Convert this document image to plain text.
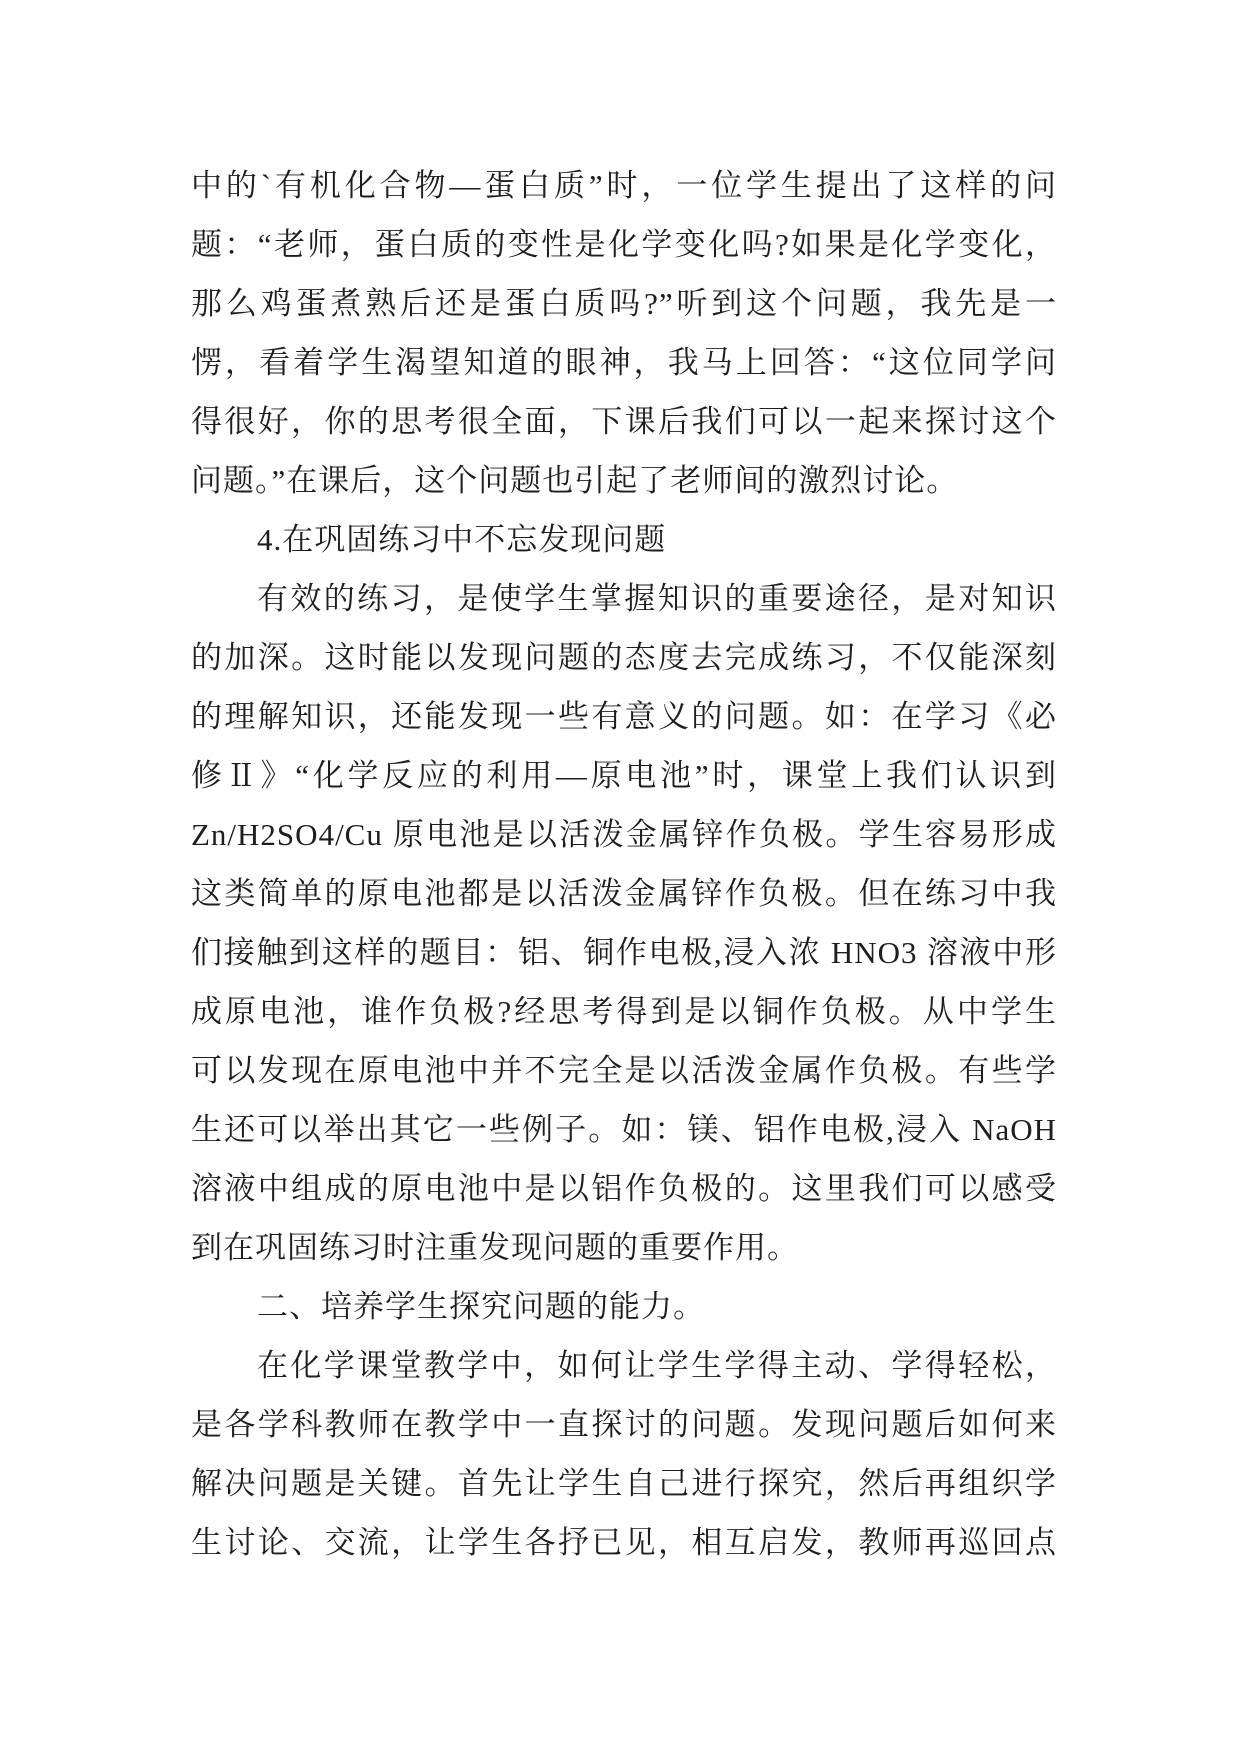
中的`有机化合物—蛋白质”时，一位学生提出了这样的问
题：“老师，蛋白质的变性是化学变化吗?如果是化学变化，
那么鸡蛋煮熟后还是蛋白质吗?”听到这个问题，我先是一
愣，看着学生渴望知道的眼神，我马上回答：“这位同学问
得很好，你的思考很全面，下课后我们可以一起来探讨这个
问题。”在课后，这个问题也引起了老师间的激烈讨论。
4.在巩固练习中不忘发现问题
有效的练习，是使学生掌握知识的重要途径，是对知识
的加深。这时能以发现问题的态度去完成练习，不仅能深刻
的理解知识，还能发现一些有意义的问题。如：在学习《必
修Ⅱ》“化学反应的利用—原电池”时，课堂上我们认识到
Zn/H2SO4/Cu 原电池是以活泼金属锌作负极。学生容易形成
这类简单的原电池都是以活泼金属锌作负极。但在练习中我
们接触到这样的题目：铝、铜作电极,浸入浓 HNO3 溶液中形
成原电池，谁作负极?经思考得到是以铜作负极。从中学生
可以发现在原电池中并不完全是以活泼金属作负极。有些学
生还可以举出其它一些例子。如：镁、铝作电极,浸入 NaOH
溶液中组成的原电池中是以铝作负极的。这里我们可以感受
到在巩固练习时注重发现问题的重要作用。
二、培养学生探究问题的能力。
在化学课堂教学中，如何让学生学得主动、学得轻松，
是各学科教师在教学中一直探讨的问题。发现问题后如何来
解决问题是关键。首先让学生自己进行探究，然后再组织学
生讨论、交流，让学生各抒已见，相互启发，教师再巡回点
